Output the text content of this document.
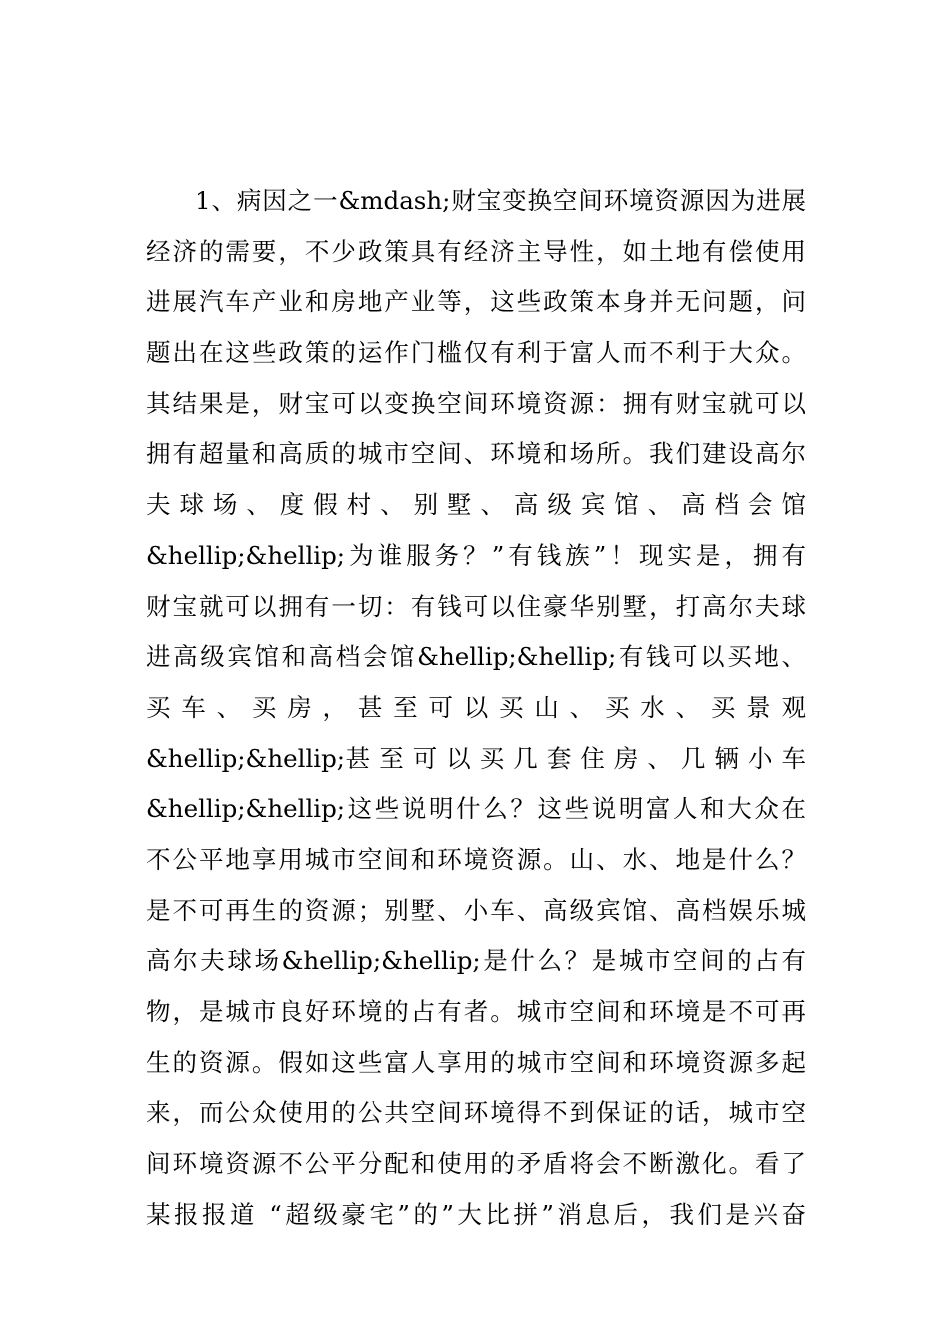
1、病因之一&mdash;财宝变换空间环境资源因为进展
经济的需要，不少政策具有经济主导性，如土地有偿使用
进展汽车产业和房地产业等，这些政策本身并无问题，问
题出在这些政策的运作门槛仅有利于富人而不利于大众。
其结果是，财宝可以变换空间环境资源：拥有财宝就可以
拥有超量和高质的城市空间、环境和场所。我们建设高尔
夫 球 场 、 度 假 村 、 别 墅 、 高 级 宾 馆 、 高 档 会 馆
&hellip;&hellip;为谁服务？”有钱族”！现实是，拥有
财宝就可以拥有一切：有钱可以住豪华别墅，打高尔夫球
进高级宾馆和高档会馆&hellip;&hellip;有钱可以买地、
买 车 、 买 房 ， 甚 至 可 以 买 山 、 买 水 、 买 景 观
&hellip;&hellip;甚 至 可 以 买 几 套 住 房 、 几 辆 小 车
&hellip;&hellip;这些说明什么？这些说明富人和大众在
不公平地享用城市空间和环境资源。山、水、地是什么？
是不可再生的资源；别墅、小车、高级宾馆、高档娱乐城
高尔夫球场&hellip;&hellip;是什么？是城市空间的占有
物，是城市良好环境的占有者。城市空间和环境是不可再
生的资源。假如这些富人享用的城市空间和环境资源多起
来，而公众使用的公共空间环境得不到保证的话，城市空
间环境资源不公平分配和使用的矛盾将会不断激化。看了
某报报道 “超级豪宅”的”大比拼”消息后，我们是兴奋
